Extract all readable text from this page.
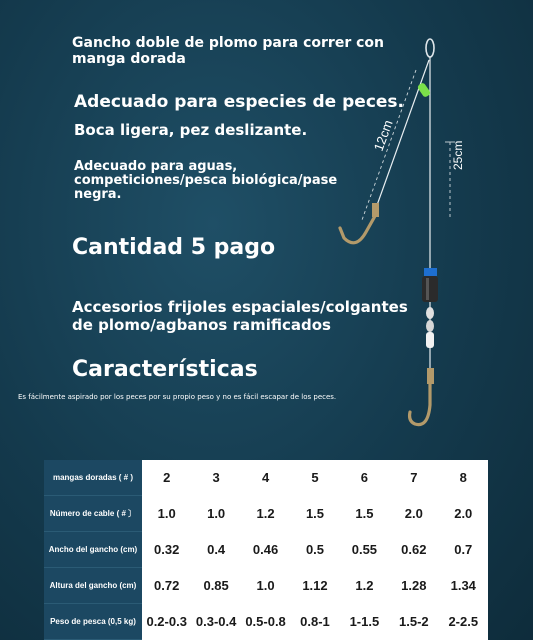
Gancho doble de plomo para correr con manga dorada

Adecuado para especies de peces.

Boca ligera, pez deslizante.

Adecuado para aguas, competiciones/pesca biológica/pase negra.

Cantidad 5 pago

Accesorios frijoles espaciales/colgantes de plomo/agbanos ramificados

Características

Es fácilmente aspirado por los peces por su propio peso y no es fácil escapar de los peces.

12cm
25cm
mangas doradas ( # )	2	3	4	5	6	7	8
Número de cable ( # 〕	1.0	1.0	1.2	1.5	1.5	2.0	2.0
Ancho del gancho (cm)	0.32	0.4	0.46	0.5	0.55	0.62	0.7
Altura del gancho (cm)	0.72	0.85	1.0	1.12	1.2	1.28	1.34
Peso de pesca (0,5 kg)	0.2-0.3	0.3-0.4	0.5-0.8	0.8-1	1-1.5	1.5-2	2-2.5
